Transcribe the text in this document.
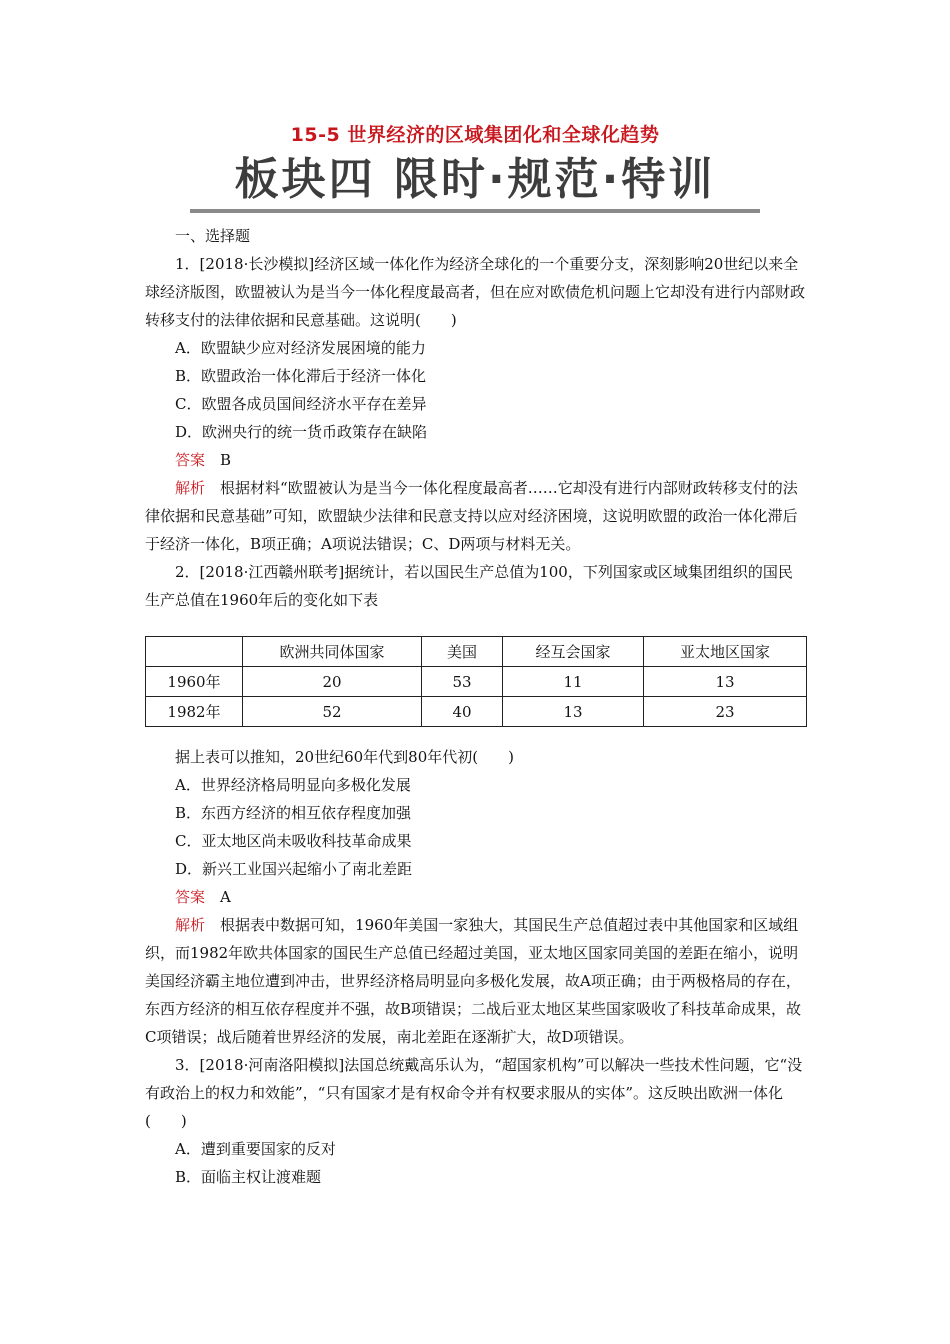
15-5 世界经济的区域集团化和全球化趋势
板块四 限时·规范·特训

一、选择题

1．[2018·长沙模拟]经济区域一体化作为经济全球化的一个重要分支，深刻影响20世纪以来全球经济版图，欧盟被认为是当今一体化程度最高者，但在应对欧债危机问题上它却没有进行内部财政转移支付的法律依据和民意基础。这说明(　　)

A．欧盟缺少应对经济发展困境的能力

B．欧盟政治一体化滞后于经济一体化

C．欧盟各成员国间经济水平存在差异

D．欧洲央行的统一货币政策存在缺陷

答案　 B

解析　 根据材料“欧盟被认为是当今一体化程度最高者……它却没有进行内部财政转移支付的法律依据和民意基础”可知，欧盟缺少法律和民意支持以应对经济困境，这说明欧盟的政治一体化滞后于经济一体化，B项正确；A项说法错误；C、D两项与材料无关。

2．[2018·江西赣州联考]据统计，若以国民生产总值为100，下列国家或区域集团组织的国民生产总值在1960年后的变化如下表

	欧洲共同体国家	美国	经互会国家	亚太地区国家
1960年	20	53	11	13
1982年	52	40	13	23

据上表可以推知，20世纪60年代到80年代初(　　)

A．世界经济格局明显向多极化发展

B．东西方经济的相互依存程度加强

C．亚太地区尚未吸收科技革命成果

D．新兴工业国兴起缩小了南北差距

答案　 A

解析　 根据表中数据可知，1960年美国一家独大，其国民生产总值超过表中其他国家和区域组织，而1982年欧共体国家的国民生产总值已经超过美国，亚太地区国家同美国的差距在缩小，说明美国经济霸主地位遭到冲击，世界经济格局明显向多极化发展，故A项正确；由于两极格局的存在，东西方经济的相互依存程度并不强，故B项错误；二战后亚太地区某些国家吸收了科技革命成果，故C项错误；战后随着世界经济的发展，南北差距在逐渐扩大，故D项错误。

3．[2018·河南洛阳模拟]法国总统戴高乐认为，“超国家机构”可以解决一些技术性问题，它“没有政治上的权力和效能”，“只有国家才是有权命令并有权要求服从的实体”。这反映出欧洲一体化(　　)

A．遭到重要国家的反对

B．面临主权让渡难题
